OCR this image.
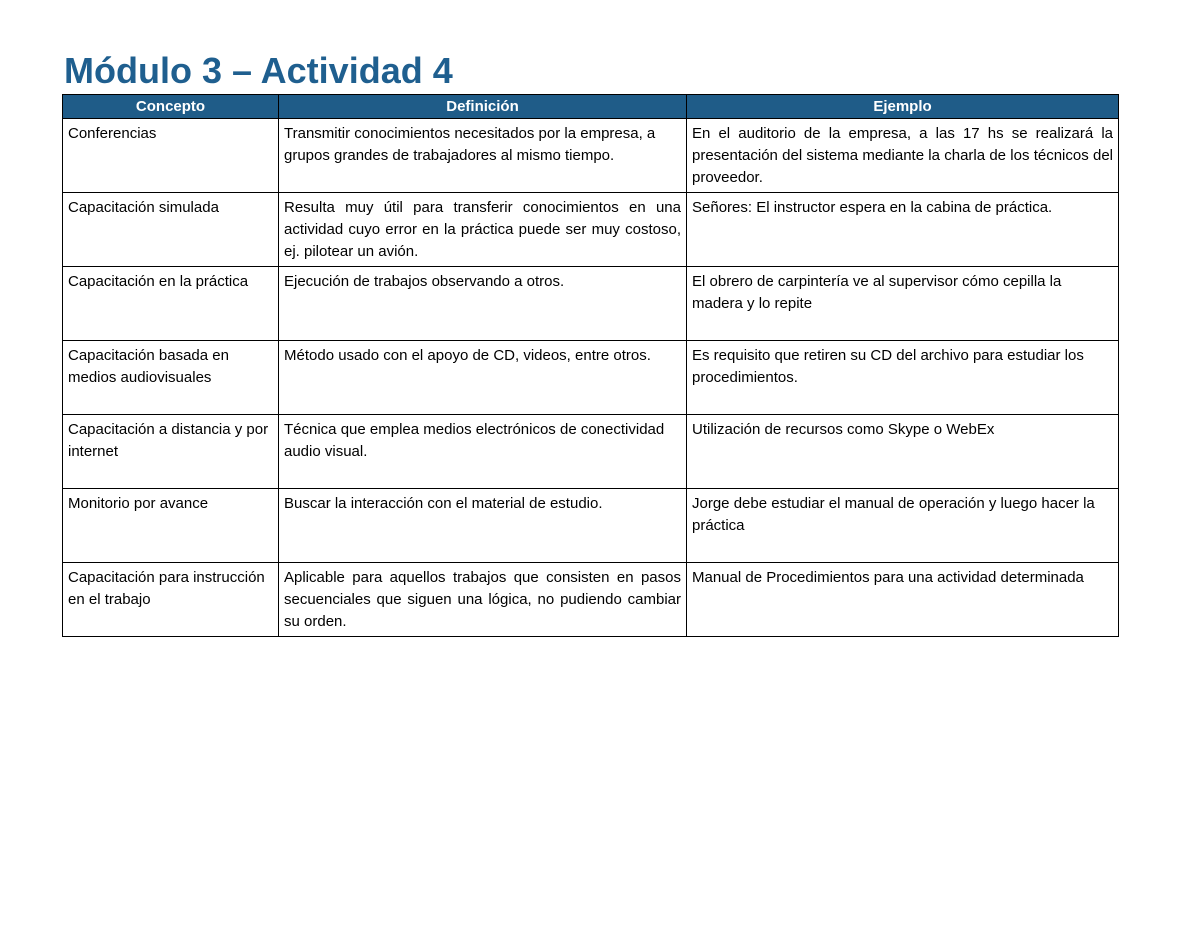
Módulo 3 – Actividad 4
Concepto	Definición	Ejemplo
Conferencias	Transmitir conocimientos necesitados por la empresa, a grupos grandes de trabajadores al mismo tiempo.	En el auditorio de la empresa, a las 17 hs se realizará la presentación del sistema mediante la charla de los técnicos del proveedor.
Capacitación simulada	Resulta muy útil para transferir conocimientos en una actividad cuyo error en la práctica puede ser muy costoso, ej. pilotear un avión.	Señores: El instructor espera en la cabina de práctica.
Capacitación en la práctica	Ejecución de trabajos observando a otros.	El obrero de carpintería ve al supervisor cómo cepilla la madera y lo repite
Capacitación basada en medios audiovisuales	Método usado con el apoyo de CD, videos, entre otros.	Es requisito que retiren su CD del archivo para estudiar los procedimientos.
Capacitación a distancia y por internet	Técnica que emplea medios electrónicos de conectividad audio visual.	Utilización de recursos como Skype o WebEx
Monitorio por avance	Buscar la interacción con el material de estudio.	Jorge debe estudiar el manual de operación y luego hacer la práctica
Capacitación para instrucción en el trabajo	Aplicable para aquellos trabajos que consisten en pasos secuenciales que siguen una lógica, no pudiendo cambiar su orden.	Manual de Procedimientos para una actividad determinada
